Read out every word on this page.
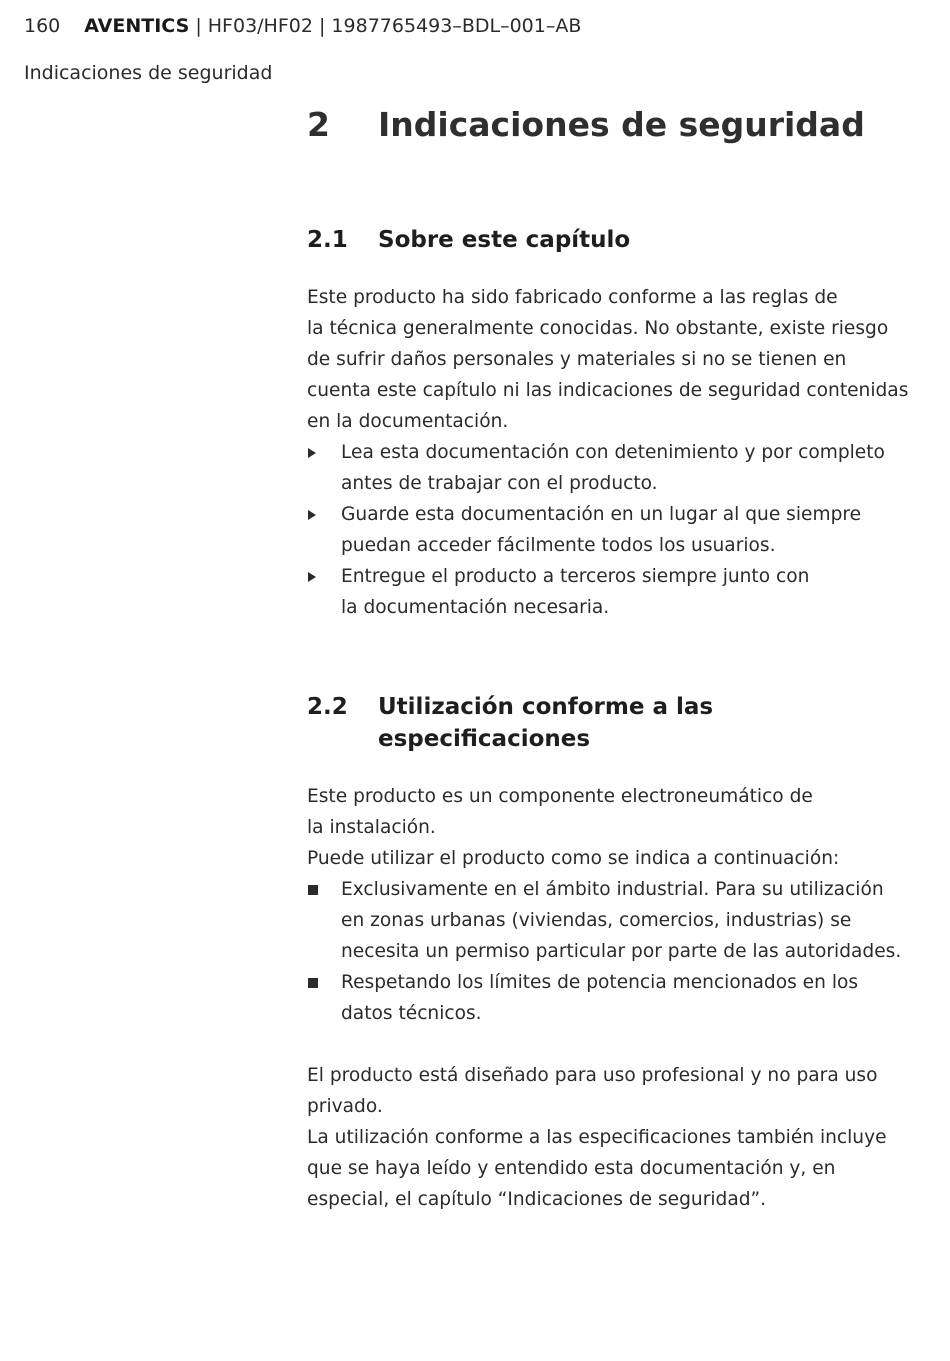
160 AVENTICS | HF03/HF02 | 1987765493–BDL–001–AB
Indicaciones de seguridad
2	Indicaciones de seguridad
2.1	Sobre este capítulo

Este producto ha sido fabricado conforme a las reglas de
la técnica generalmente conocidas. No obstante, existe riesgo
de sufrir daños personales y materiales si no se tienen en
cuenta este capítulo ni las indicaciones de seguridad contenidas
en la documentación.

Lea esta documentación con detenimiento y por completo
antes de trabajar con el producto.
Guarde esta documentación en un lugar al que siempre
puedan acceder fácilmente todos los usuarios.
Entregue el producto a terceros siempre junto con
la documentación necesaria.
2.2	Utilización conforme a las especificaciones

Este producto es un componente electroneumático de
la instalación.
Puede utilizar el producto como se indica a continuación:

Exclusivamente en el ámbito industrial. Para su utilización
en zonas urbanas (viviendas, comercios, industrias) se
necesita un permiso particular por parte de las autoridades.
Respetando los límites de potencia mencionados en los
datos técnicos.

El producto está diseñado para uso profesional y no para uso
privado.
La utilización conforme a las especificaciones también incluye
que se haya leído y entendido esta documentación y, en
especial, el capítulo “Indicaciones de seguridad”.
